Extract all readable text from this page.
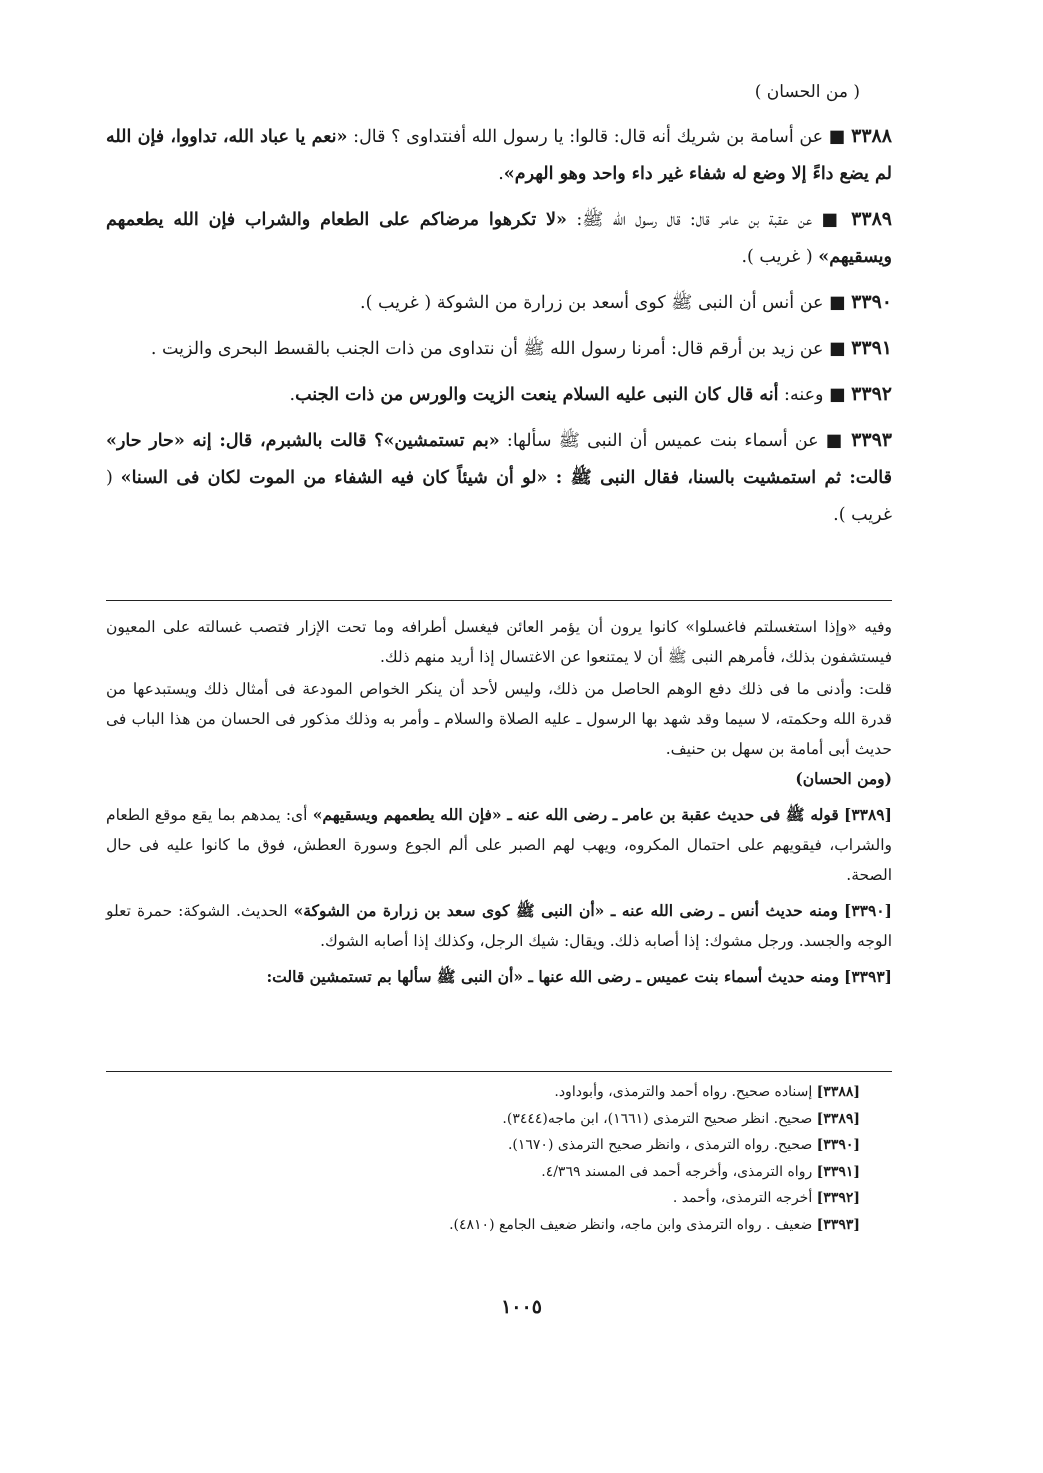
( من الحسان )

٣٣٨٨ ■ عن أسامة بن شريك أنه قال: قالوا: يا رسول الله أفنتداوى ؟ قال: «نعم يا عباد الله، تداووا، فإن الله لم يضع داءً إلا وضع له شفاء غير داء واحد وهو الهرم».

٣٣٨٩ ■ عن عقبة بن عامر قال: قال رسول الله ﷺ: «لا تكرهوا مرضاكم على الطعام والشراب فإن الله يطعمهم ويسقيهم» ( غريب ).

٣٣٩٠ ■ عن أنس أن النبى ﷺ كوى أسعد بن زرارة من الشوكة ( غريب ).

٣٣٩١ ■ عن زيد بن أرقم قال: أمرنا رسول الله ﷺ أن نتداوى من ذات الجنب بالقسط البحرى والزيت .

٣٣٩٢ ■ وعنه: أنه قال كان النبى عليه السلام ينعت الزيت والورس من ذات الجنب.

٣٣٩٣ ■ عن أسماء بنت عميس أن النبى ﷺ سألها: «بم تستمشين»؟ قالت بالشبرم، قال: إنه «حار حار» قالت: ثم استمشيت بالسنا، فقال النبى ﷺ : «لو أن شيئاً كان فيه الشفاء من الموت لكان فى السنا» ( غريب ).

وفيه «وإذا استغسلتم فاغسلوا» كانوا يرون أن يؤمر العائن فيغسل أطرافه وما تحت الإزار فتصب غسالته على المعيون فيستشفون بذلك، فأمرهم النبى ﷺ أن لا يمتنعوا عن الاغتسال إذا أريد منهم ذلك.

قلت: وأدنى ما فى ذلك دفع الوهم الحاصل من ذلك، وليس لأحد أن ينكر الخواص المودعة فى أمثال ذلك ويستبدعها من قدرة الله وحكمته، لا سيما وقد شهد بها الرسول ـ عليه الصلاة والسلام ـ وأمر به وذلك مذكور فى الحسان من هذا الباب فى حديث أبى أمامة بن سهل بن حنيف.

(ومن الحسان)

[٣٣٨٩] قوله ﷺ فى حديث عقبة بن عامر ـ رضى الله عنه ـ «فإن الله يطعمهم ويسقيهم» أى: يمدهم بما يقع موقع الطعام والشراب، فيقويهم على احتمال المكروه، ويهب لهم الصبر على ألم الجوع وسورة العطش، فوق ما كانوا عليه فى حال الصحة.

[٣٣٩٠] ومنه حديث أنس ـ رضى الله عنه ـ «أن النبى ﷺ كوى سعد بن زرارة من الشوكة» الحديث. الشوكة: حمرة تعلو الوجه والجسد. ورجل مشوك: إذا أصابه ذلك. ويقال: شيك الرجل، وكذلك إذا أصابه الشوك.

[٣٣٩٣] ومنه حديث أسماء بنت عميس ـ رضى الله عنها ـ «أن النبى ﷺ سألها بم تستمشين قالت:

[٣٣٨٨] إسناده صحيح. رواه أحمد والترمذى، وأبوداود.
[٣٣٨٩] صحيح. انظر صحيح الترمذى (١٦٦١)، ابن ماجه(٣٤٤٤).
[٣٣٩٠] صحيح. رواه الترمذى ، وانظر صحيح الترمذى (١٦٧٠).
[٣٣٩١] رواه الترمذى، وأخرجه أحمد فى المسند ٤/٣٦٩.
[٣٣٩٢] أخرجه الترمذى، وأحمد .
[٣٣٩٣] ضعيف . رواه الترمذى وابن ماجه، وانظر ضعيف الجامع (٤٨١٠).
١٠٠٥
